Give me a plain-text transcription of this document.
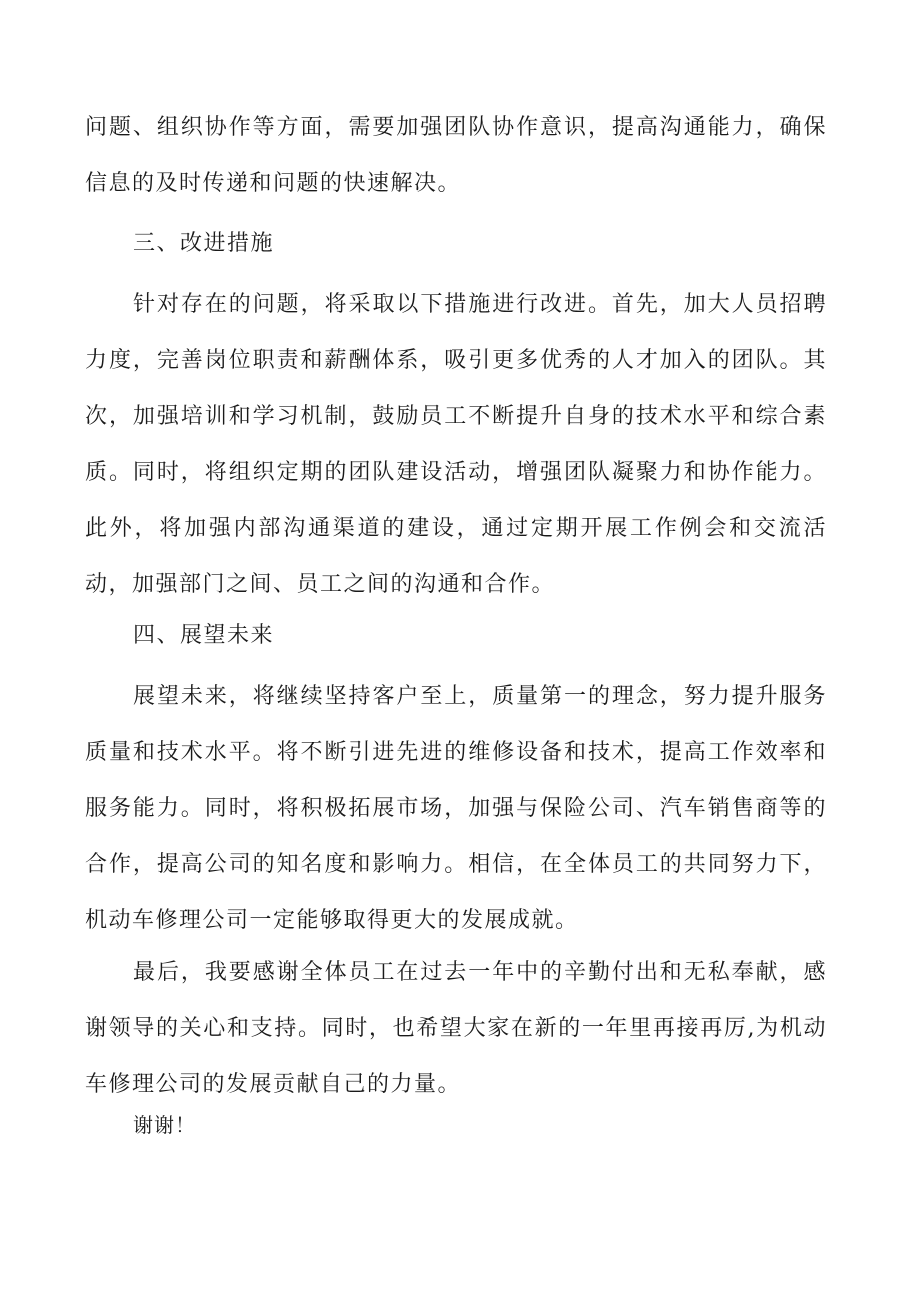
问题、组织协作等方面，需要加强团队协作意识，提高沟通能力，确保信息的及时传递和问题的快速解决。

三、改进措施

针对存在的问题，将采取以下措施进行改进。首先，加大人员招聘力度，完善岗位职责和薪酬体系，吸引更多优秀的人才加入的团队。其次，加强培训和学习机制，鼓励员工不断提升自身的技术水平和综合素质。同时，将组织定期的团队建设活动，增强团队凝聚力和协作能力。此外，将加强内部沟通渠道的建设，通过定期开展工作例会和交流活动，加强部门之间、员工之间的沟通和合作。

四、展望未来

展望未来，将继续坚持客户至上，质量第一的理念，努力提升服务质量和技术水平。将不断引进先进的维修设备和技术，提高工作效率和服务能力。同时，将积极拓展市场，加强与保险公司、汽车销售商等的合作，提高公司的知名度和影响力。相信，在全体员工的共同努力下，机动车修理公司一定能够取得更大的发展成就。

最后，我要感谢全体员工在过去一年中的辛勤付出和无私奉献，感谢领导的关心和支持。同时，也希望大家在新的一年里再接再厉,为机动车修理公司的发展贡献自己的力量。

谢谢！
